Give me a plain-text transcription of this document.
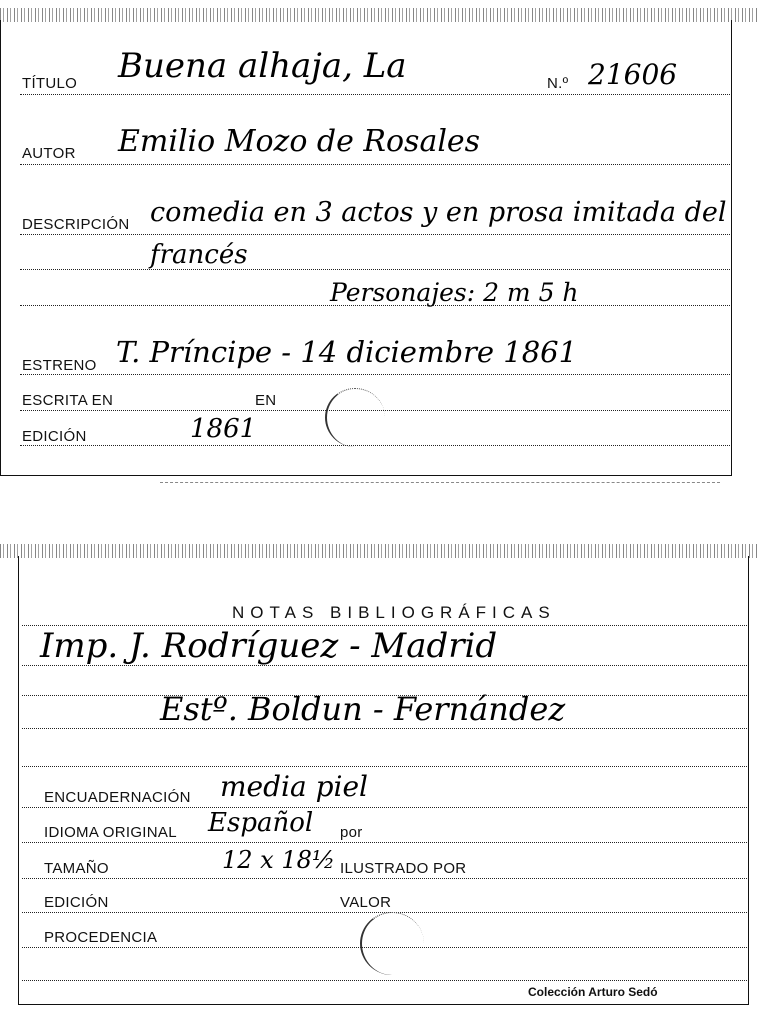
TÍTULO Buena alhaja, La	N.º 21606
AUTOR Emilio Mozo de Rosales
DESCRIPCIÓN comedia en 3 actos y en prosa imitada del
francés
Personajes: 2 m 5 h
ESTRENO T. Príncipe - 14 diciembre 1861
ESCRITA EN	EN
EDICIÓN	1861
NOTAS BIBLIOGRÁFICAS
Imp. J. Rodríguez - Madrid
Estº. Boldun - Fernández
ENCUADERNACIÓN media piel
IDIOMA ORIGINAL Español por
TAMAÑO	12 x 18½ ILUSTRADO POR
EDICIÓN	VALOR
PROCEDENCIA
Colección Arturo Sedó
